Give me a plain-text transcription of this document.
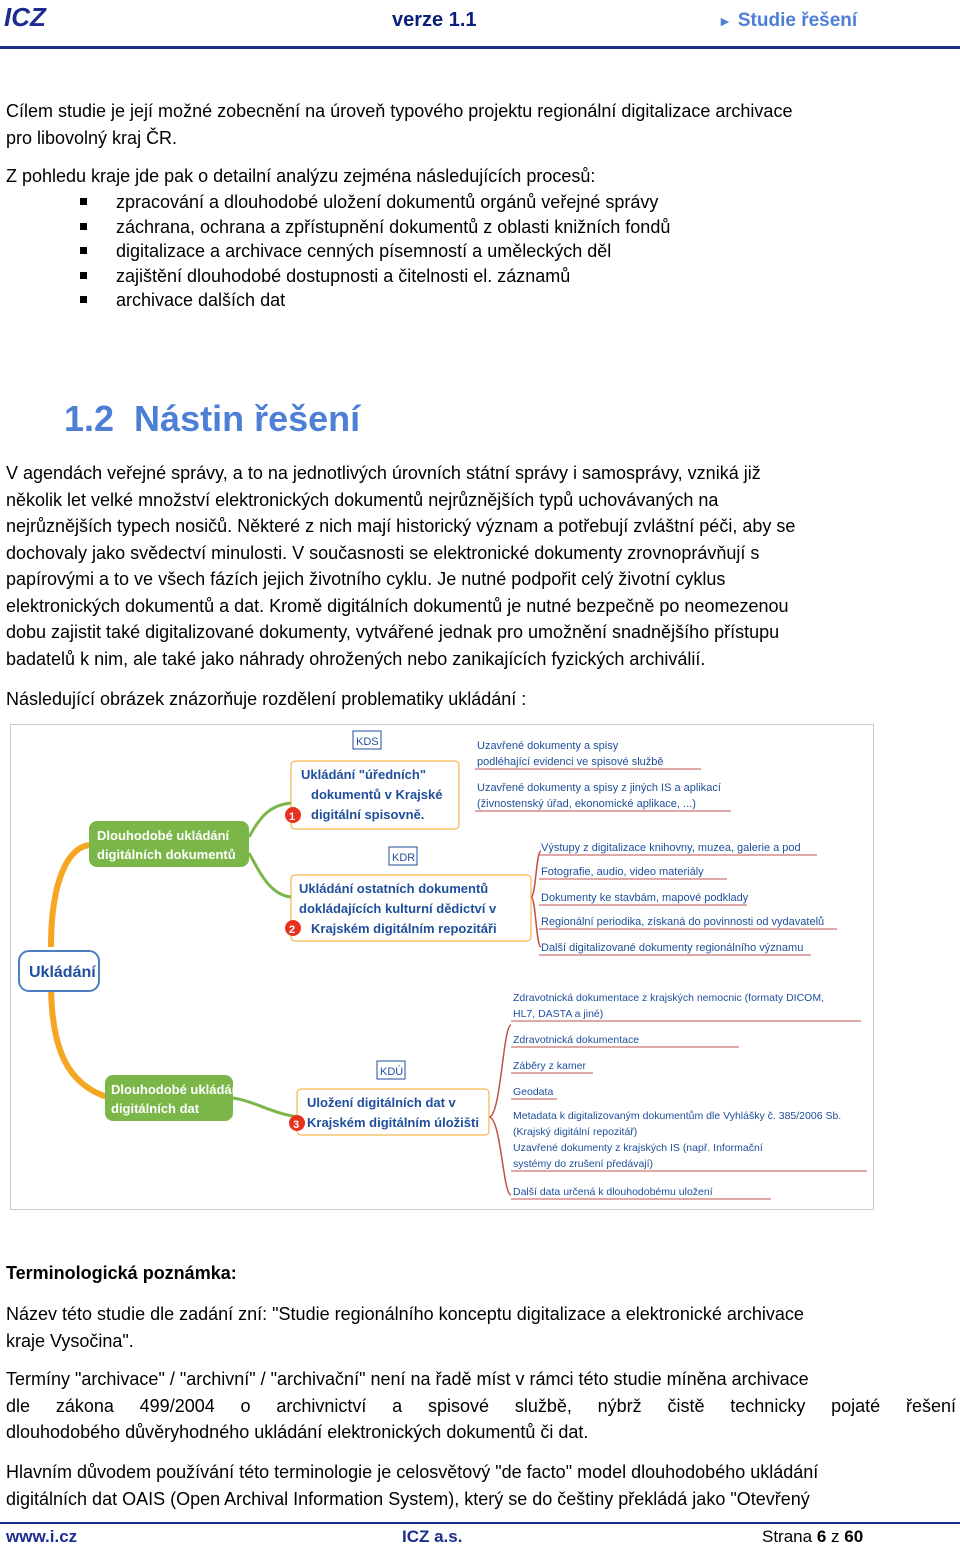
ICZ	verze 1.1	► Studie řešení
Cílem studie je její možné zobecnění na úroveň typového projektu regionální digitalizace archivace
pro libovolný kraj ČR.
Z pohledu kraje jde pak o detailní analýzu zejména následujících procesů:
zpracování a dlouhodobé uložení dokumentů orgánů veřejné správy
záchrana, ochrana a zpřístupnění dokumentů z oblasti knižních fondů
digitalizace a archivace cenných písemností a uměleckých děl
zajištění dlouhodobé dostupnosti a čitelnosti el. záznamů
archivace dalších dat
1.2 Nástin řešení
V agendách veřejné správy, a to na jednotlivých úrovních státní správy i samosprávy, vzniká již
několik let velké množství elektronických dokumentů nejrůznějších typů uchovávaných na
nejrůznějších typech nosičů. Některé z nich mají historický význam a potřebují zvláštní péči, aby se
dochovaly jako svědectví minulosti. V současnosti se elektronické dokumenty zrovnoprávňují s
papírovými a to ve všech fázích jejich životního cyklu. Je nutné podpořit celý životní cyklus
elektronických dokumentů a dat. Kromě digitálních dokumentů je nutné bezpečně po neomezenou
dobu zajistit také digitalizované dokumenty, vytvářené jednak pro umožnění snadnějšího přístupu
badatelů k nim, ale také jako náhrady ohrožených nebo zanikajících fyzických archiválií.
Následující obrázek znázorňuje rozdělení problematiky ukládání :
Ukládání
Dlouhodobé ukládání
digitálních dokumentů
Dlouhodobé ukládání
digitálních dat
KDS
Ukládání "úředních"
dokumentů v Krajské
digitální spisovně.
1
KDR
Ukládání ostatních dokumentů
dokládajících kulturní dědictví v
Krajském digitálním repozitáři
2
KDÚ
Uložení digitálních dat v
Krajském digitálním úložišti
3
Uzavřené dokumenty a spisy
podléhající evidenci ve spisové službě
Uzavřené dokumenty a spisy z jiných IS a aplikací
(živnostenský úřad, ekonomické aplikace, ...)
Výstupy z digitalizace knihovny, muzea, galerie a pod
Fotografie, audio, video materiály
Dokumenty ke stavbám, mapové podklady
Regionální periodika, získaná do povinnosti od vydavatelů
Další digitalizované dokumenty regionálního významu
Zdravotnická dokumentace z krajských nemocnic (formaty DICOM,
HL7, DASTA a jiné)
Zdravotnická dokumentace
Záběry z kamer
Geodata
Metadata k digitalizovaným dokumentům dle Vyhlášky č. 385/2006 Sb.
(Krajský digitální repozitář)
Uzavřené dokumenty z krajských IS (např. Informační
systémy do zrušení předávají)
Další data určená k dlouhodobému uložení
Terminologická poznámka:
Název této studie dle zadání zní: "Studie regionálního konceptu digitalizace a elektronické archivace
kraje Vysočina".
Termíny "archivace" / "archivní" / "archivační" není na řadě míst v rámci této studie míněna archivace
dle zákona 499/2004 o archivnictví a spisové službě, nýbrž čistě technicky pojaté řešení
dlouhodobého důvěryhodného ukládání elektronických dokumentů či dat.
Hlavním důvodem používání této terminologie je celosvětový "de facto" model dlouhodobého ukládání
digitálních dat OAIS (Open Archival Information System), který se do češtiny překládá jako "Otevřený
www.i.cz	ICZ a.s.	Strana 6 z 60
